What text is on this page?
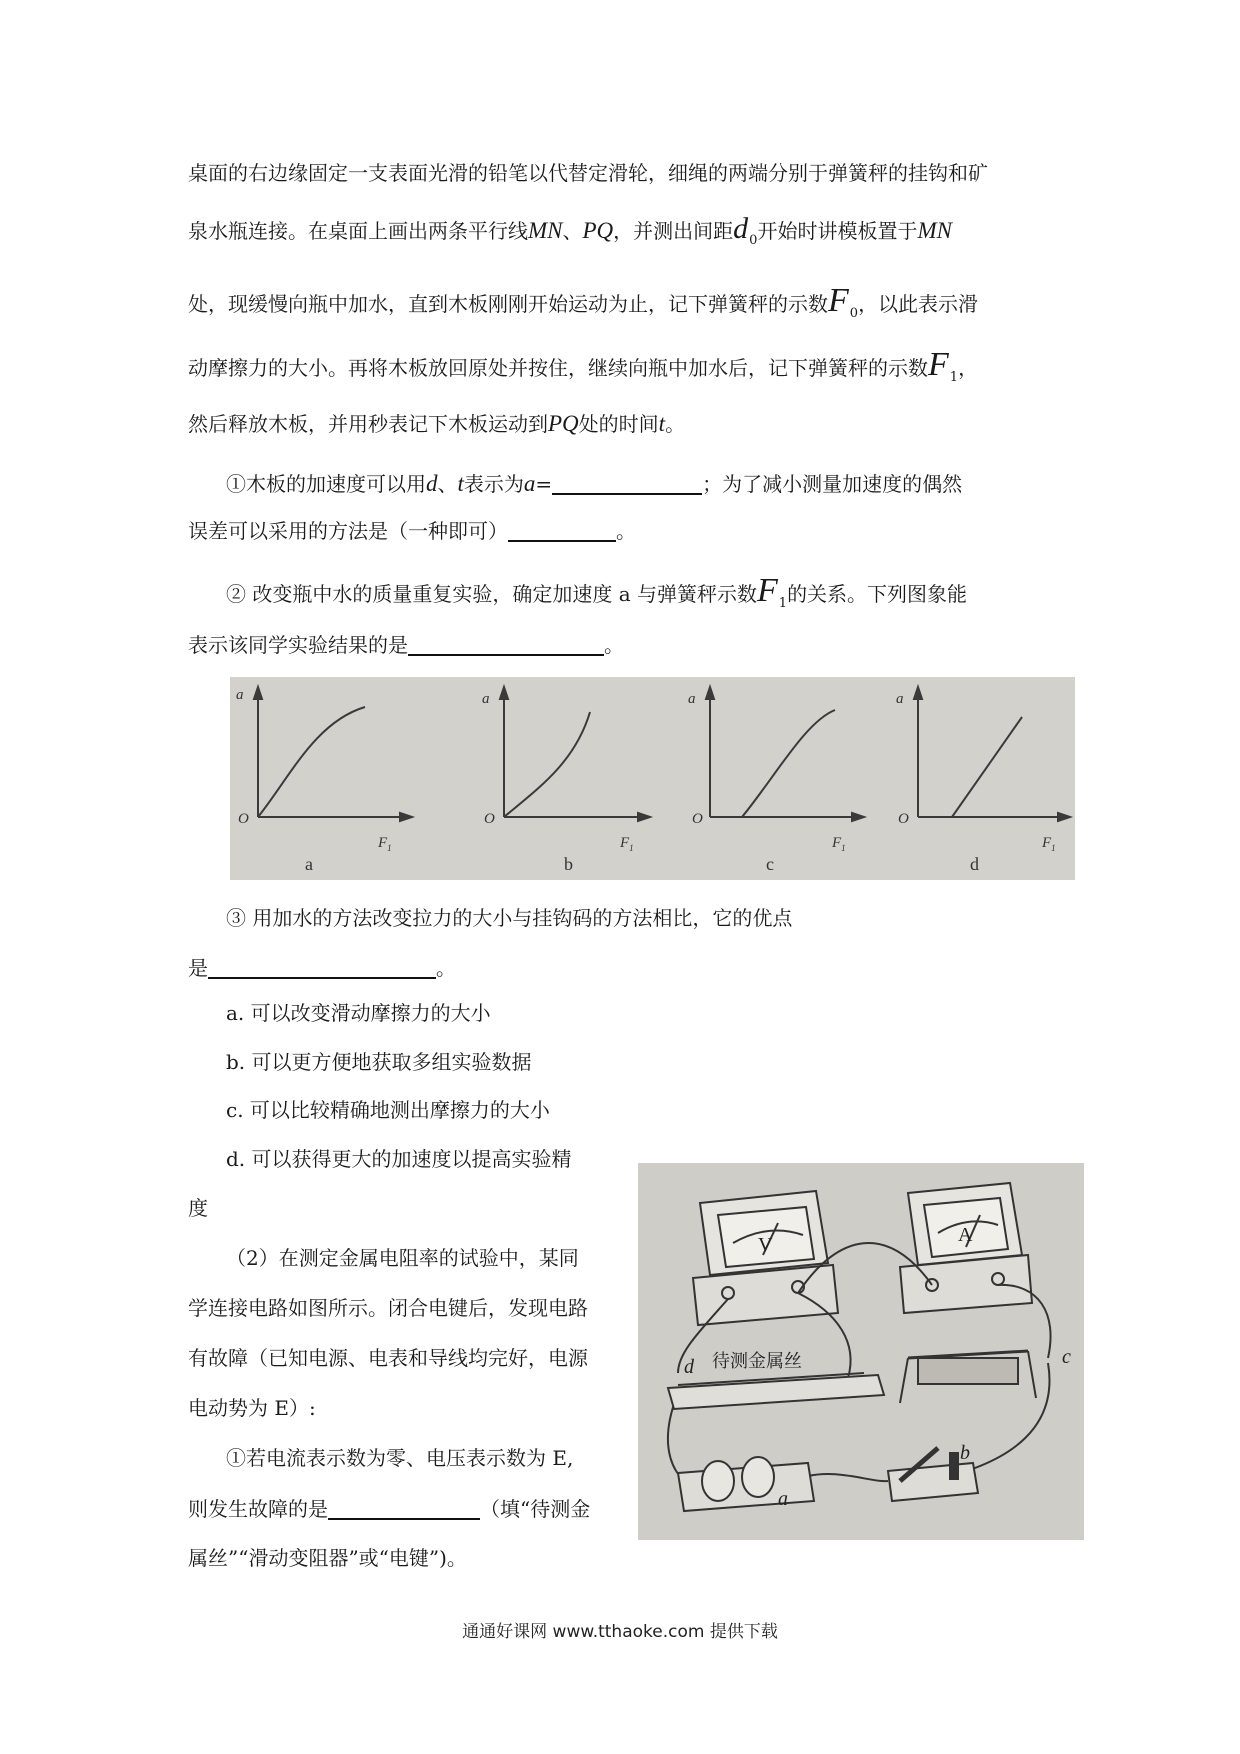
桌面的右边缘固定一支表面光滑的铅笔以代替定滑轮，细绳的两端分别于弹簧秤的挂钩和矿
泉水瓶连接。在桌面上画出两条平行线MN、PQ，并测出间距$d_0$开始时讲模板置于MN
处，现缓慢向瓶中加水，直到木板刚刚开始运动为止，记下弹簧秤的示数$F_0$，以此表示滑
动摩擦力的大小。再将木板放回原处并按住，继续向瓶中加水后，记下弹簧秤的示数$F_1$，
然后释放木板，并用秒表记下木板运动到PQ处的时间t。
①木板的加速度可以用d、t表示为a=	；为了减小测量加速度的偶然
误差可以采用的方法是（一种即可）	。
② 改变瓶中水的质量重复实验，确定加速度 a 与弹簧秤示数$F_1$的关系。下列图象能
表示该同学实验结果的是	。
a
O
$F_1$
a
O
$F_1$
a
O
$F_1$
a
O
$F_1$
a	b	c	d
③ 用加水的方法改变拉力的大小与挂钩码的方法相比，它的优点
是	。
a. 可以改变滑动摩擦力的大小
b. 可以更方便地获取多组实验数据
c. 可以比较精确地测出摩擦力的大小
d. 可以获得更大的加速度以提高实验精
度
（2）在测定金属电阻率的试验中，某同
学连接电路如图所示。闭合电键后，发现电路
有故障（已知电源、电表和导线均完好，电源
电动势为 E）:
①若电流表示数为零、电压表示数为 E,
则发生故障的是	（填“待测金
属丝”“滑动变阻器”或“电键”)。
V	A
d	c
a
b
待测金属丝
通通好课网 www.tthaoke.com 提供下载
